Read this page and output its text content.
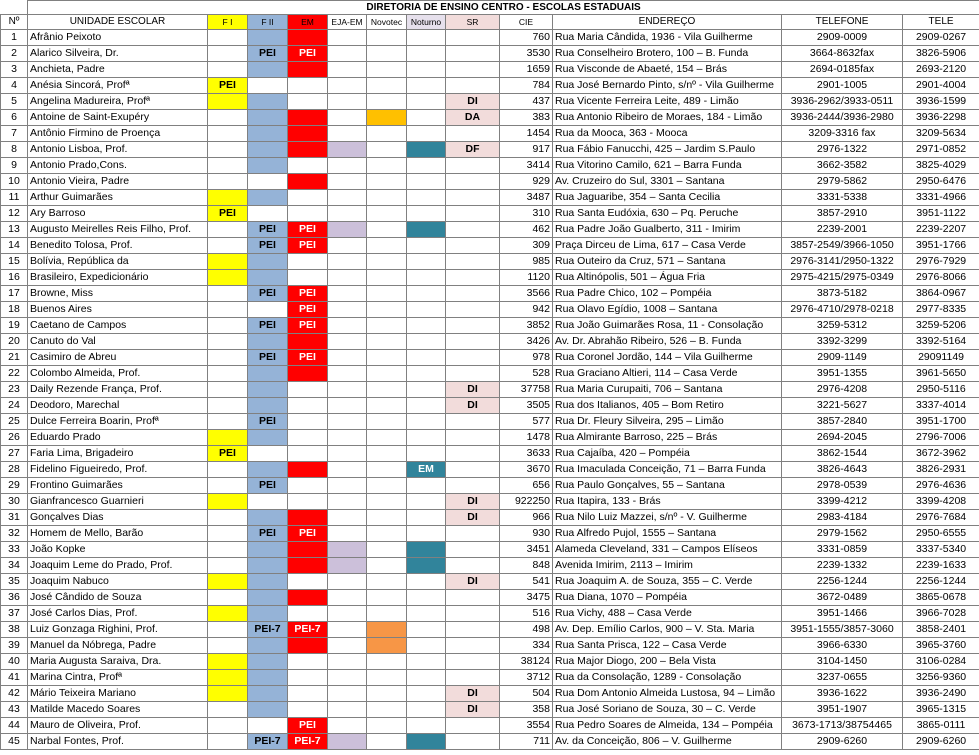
	DIRETORIA DE ENSINO CENTRO - ESCOLAS ESTADUAIS											
Nº	UNIDADE ESCOLAR	F I	F II	EM	EJA-EM	Novotec	Noturno	SR	CIE	ENDEREÇO	TELEFONE	TELE
1	Afrânio Peixoto								760	Rua Maria Cândida, 1936 - Vila Guilherme	2909-0009	2909-0267
2	Alarico Silveira, Dr.		PEI	PEI					3530	Rua Conselheiro Brotero, 100 – B. Funda	3664-8632fax	3826-5906
3	Anchieta, Padre								1659	Rua Visconde de Abaeté, 154 – Brás	2694-0185fax	2693-2120
4	Anésia Sincorá, Profª	PEI							784	Rua José Bernardo Pinto, s/nº - Vila Guilherme	2901-1005	2901-4004
5	Angelina Madureira, Profª							DI	437	Rua Vicente Ferreira Leite, 489 - Limão	3936-2962/3933-0511	3936-1599
6	Antoine de Saint-Exupéry							DA	383	Rua Antonio Ribeiro de Moraes, 184 - Limão	3936-2444/3936-2980	3936-2298
7	Antônio Firmino de Proença								1454	Rua da Mooca, 363 - Mooca	3209-3316 fax	3209-5634
8	Antonio Lisboa, Prof.							DF	917	Rua Fábio Fanucchi, 425 – Jardim S.Paulo	2976-1322	2971-0852
9	Antonio Prado,Cons.								3414	Rua Vitorino Camilo, 621 – Barra Funda	3662-3582	3825-4029
10	Antonio Vieira, Padre								929	Av. Cruzeiro do Sul, 3301 – Santana	2979-5862	2950-6476
11	Arthur Guimarães								3487	Rua Jaguaribe, 354 – Santa Cecilia	3331-5338	3331-4966
12	Ary Barroso	PEI							310	Rua Santa Eudóxia, 630 – Pq. Peruche	3857-2910	3951-1122
13	Augusto Meirelles Reis Filho, Prof.		PEI	PEI					462	Rua Padre João Gualberto, 311 - Imirim	2239-2001	2239-2207
14	Benedito Tolosa, Prof.		PEI	PEI					309	Praça Dirceu de Lima, 617 – Casa Verde	3857-2549/3966-1050	3951-1766
15	Bolívia, República da								985	Rua Outeiro da Cruz, 571 – Santana	2976-3141/2950-1322	2976-7929
16	Brasileiro, Expedicionário								1120	Rua Altinópolis, 501 – Água Fria	2975-4215/2975-0349	2976-8066
17	Browne, Miss		PEI	PEI					3566	Rua Padre Chico, 102 – Pompéia	3873-5182	3864-0967
18	Buenos Aires			PEI					942	Rua Olavo Egídio, 1008 – Santana	2976-4710/2978-0218	2977-8335
19	Caetano de Campos		PEI	PEI					3852	Rua João Guimarães Rosa, 11 - Consolação	3259-5312	3259-5206
20	Canuto do Val								3426	Av. Dr. Abrahão Ribeiro, 526 – B. Funda	3392-3299	3392-5164
21	Casimiro de Abreu		PEI	PEI					978	Rua Coronel Jordão, 144 – Vila Guilherme	2909-1149	29091149
22	Colombo Almeida, Prof.								528	Rua Graciano Altieri, 114 – Casa Verde	3951-1355	3961-5650
23	Daily Rezende França, Prof.							DI	37758	Rua Maria Curupaiti, 706 – Santana	2976-4208	2950-5116
24	Deodoro, Marechal							DI	3505	Rua dos Italianos, 405 – Bom Retiro	3221-5627	3337-4014
25	Dulce Ferreira Boarin, Profª		PEI						577	Rua Dr. Fleury Silveira, 295 – Limão	3857-2840	3951-1700
26	Eduardo Prado								1478	Rua Almirante Barroso, 225 – Brás	2694-2045	2796-7006
27	Faria Lima, Brigadeiro	PEI							3633	Rua Cajaíba, 420 – Pompéia	3862-1544	3672-3962
28	Fidelino Figueiredo, Prof.						EM		3670	Rua Imaculada Conceição, 71 – Barra Funda	3826-4643	3826-2931
29	Frontino Guimarães		PEI						656	Rua Paulo Gonçalves, 55 – Santana	2978-0539	2976-4636
30	Gianfrancesco Guarnieri							DI	922250	Rua Itapira, 133 - Brás	3399-4212	3399-4208
31	Gonçalves Dias							DI	966	Rua Nilo Luiz Mazzei, s/nº - V. Guilherme	2983-4184	2976-7684
32	Homem de Mello, Barão		PEI	PEI					930	Rua Alfredo Pujol, 1555 – Santana	2979-1562	2950-6555
33	João Kopke								3451	Alameda Cleveland, 331 – Campos Elíseos	3331-0859	3337-5340
34	Joaquim Leme do Prado, Prof.								848	Avenida Imirim, 2113 – Imirim	2239-1332	2239-1633
35	Joaquim Nabuco							DI	541	Rua Joaquim A. de Souza, 355 – C. Verde	2256-1244	2256-1244
36	José Cândido de Souza								3475	Rua Diana, 1070 – Pompéia	3672-0489	3865-0678
37	José Carlos Dias, Prof.								516	Rua Vichy, 488 – Casa Verde	3951-1466	3966-7028
38	Luiz Gonzaga Righini, Prof.		PEI-7	PEI-7					498	Av. Dep. Emílio Carlos, 900 – V. Sta. Maria	3951-1555/3857-3060	3858-2401
39	Manuel da Nóbrega, Padre								334	Rua Santa Prisca, 122 – Casa Verde	3966-6330	3965-3760
40	Maria Augusta Saraiva, Dra.								38124	Rua Major Diogo, 200 – Bela Vista	3104-1450	3106-0284
41	Marina Cintra, Profª								3712	Rua da Consolação, 1289 - Consolação	3237-0655	3256-9360
42	Mário Teixeira Mariano							DI	504	Rua Dom Antonio Almeida Lustosa, 94 – Limão	3936-1622	3936-2490
43	Matilde Macedo Soares							DI	358	Rua José Soriano de Souza, 30 – C. Verde	3951-1907	3965-1315
44	Mauro de Oliveira, Prof.			PEI					3554	Rua Pedro Soares de Almeida, 134 – Pompéia	3673-1713/38754465	3865-0111
45	Narbal Fontes, Prof.		PEI-7	PEI-7					711	Av. da Conceição, 806 – V. Guilherme	2909-6260	2909-6260
